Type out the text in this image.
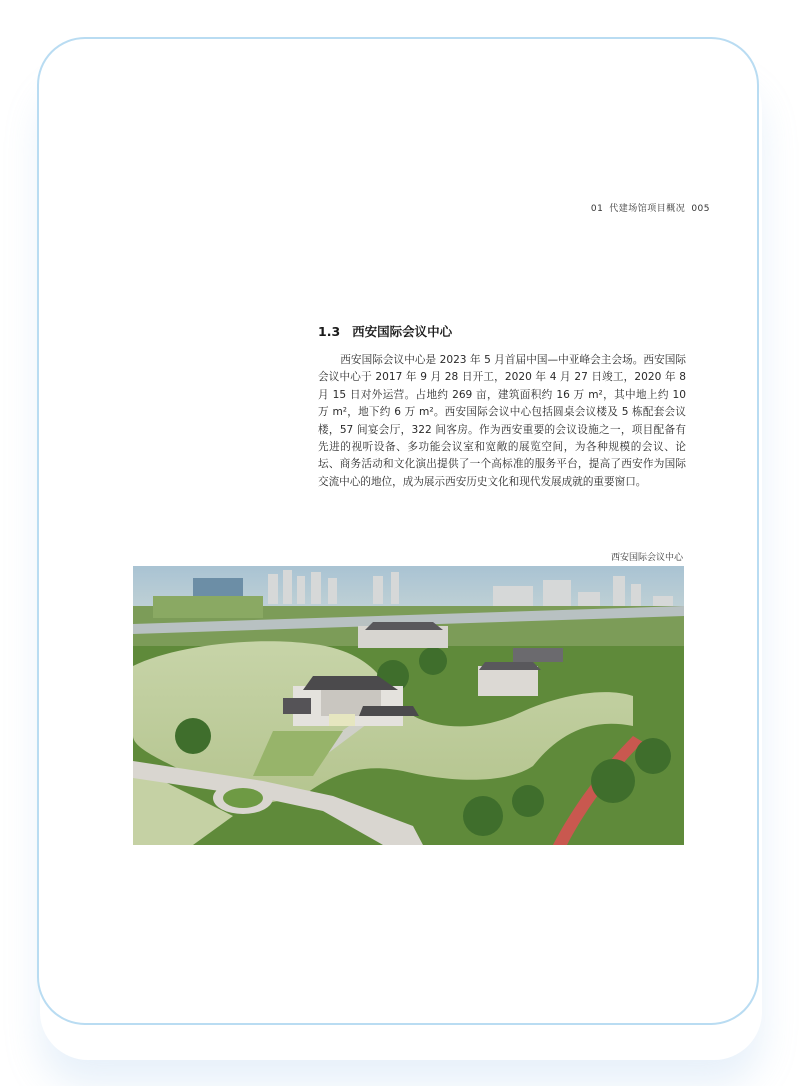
01 代建场馆项目概况 005
1.3 西安国际会议中心

西安国际会议中心是 2023 年 5 月首届中国—中亚峰会主会场。西安国际会议中心于 2017 年 9 月 28 日开工，2020 年 4 月 27 日竣工，2020 年 8 月 15 日对外运营。占地约 269 亩，建筑面积约 16 万 m²，其中地上约 10 万 m²，地下约 6 万 m²。西安国际会议中心包括圆桌会议楼及 5 栋配套会议楼，57 间宴会厅，322 间客房。作为西安重要的会议设施之一，项目配备有先进的视听设备、多功能会议室和宽敞的展览空间，为各种规模的会议、论坛、商务活动和文化演出提供了一个高标准的服务平台，提高了西安作为国际交流中心的地位，成为展示西安历史文化和现代发展成就的重要窗口。

西安国际会议中心
